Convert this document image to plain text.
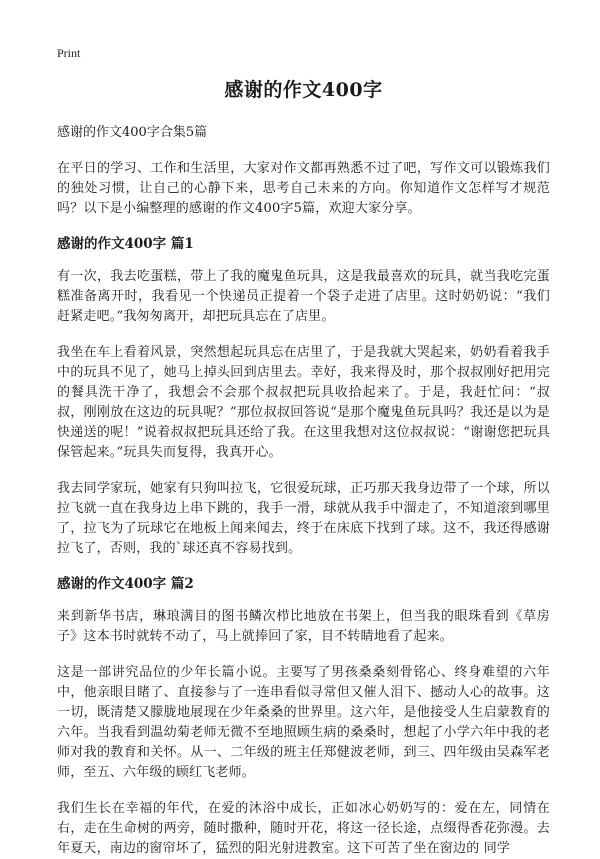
Print
感谢的作文400字
感谢的作文400字合集5篇

在平日的学习、工作和生活里，大家对作文都再熟悉不过了吧，写作文可以锻炼我们的独处习惯，让自己的心静下来，思考自己未来的方向。你知道作文怎样写才规范吗？以下是小编整理的感谢的作文400字5篇，欢迎大家分享。

感谢的作文400字 篇1

有一次，我去吃蛋糕，带上了我的魔鬼鱼玩具，这是我最喜欢的玩具，就当我吃完蛋糕准备离开时，我看见一个快递员正提着一个袋子走进了店里。这时奶奶说：“我们赶紧走吧。”我匆匆离开，却把玩具忘在了店里。

我坐在车上看着风景，突然想起玩具忘在店里了，于是我就大哭起来，奶奶看着我手中的玩具不见了，她马上掉头回到店里去。幸好，我来得及时，那个叔叔刚好把用完的餐具洗干净了，我想会不会那个叔叔把玩具收拾起来了。于是，我赶忙问：“叔叔，刚刚放在这边的玩具呢？”那位叔叔回答说“是那个魔鬼鱼玩具吗？我还是以为是快递送的呢！”说着叔叔把玩具还给了我。在这里我想对这位叔叔说：“谢谢您把玩具保管起来。”玩具失而复得，我真开心。

我去同学家玩，她家有只狗叫拉飞，它很爱玩球，正巧那天我身边带了一个球，所以拉飞就一直在我身边上串下跳的，我手一滑，球就从我手中溜走了，不知道滚到哪里了，拉飞为了玩球它在地板上闻来闻去，终于在床底下找到了球。这不，我还得感谢拉飞了，否则，我的`球还真不容易找到。

感谢的作文400字 篇2

来到新华书店，琳琅满目的图书鳞次栉比地放在书架上，但当我的眼珠看到《草房子》这本书时就转不动了，马上就捧回了家，目不转睛地看了起来。

这是一部讲究品位的少年长篇小说。主要写了男孩桑桑刻骨铭心、终身难望的六年中，他亲眼目睹了、直接参与了一连串看似寻常但又催人泪下、撼动人心的故事。这一切，既清楚又朦胧地展现在少年桑桑的世界里。这六年，是他接受人生启蒙教育的六年。当我看到温幼菊老师无微不至地照顾生病的桑桑时，想起了小学六年中我的老师对我的教育和关怀。从一、二年级的班主任郑健波老师，到三、四年级由吴森军老师，至五、六年级的顾红飞老师。

我们生长在幸福的年代，在爱的沐浴中成长，正如冰心奶奶写的：爱在左，同情在右，走在生命树的两旁，随时撒种，随时开花，将这一径长途，点缀得香花弥漫。去年夏天，南边的窗帘坏了，猛烈的阳光射进教室。这下可苦了坐在窗边的 同学
